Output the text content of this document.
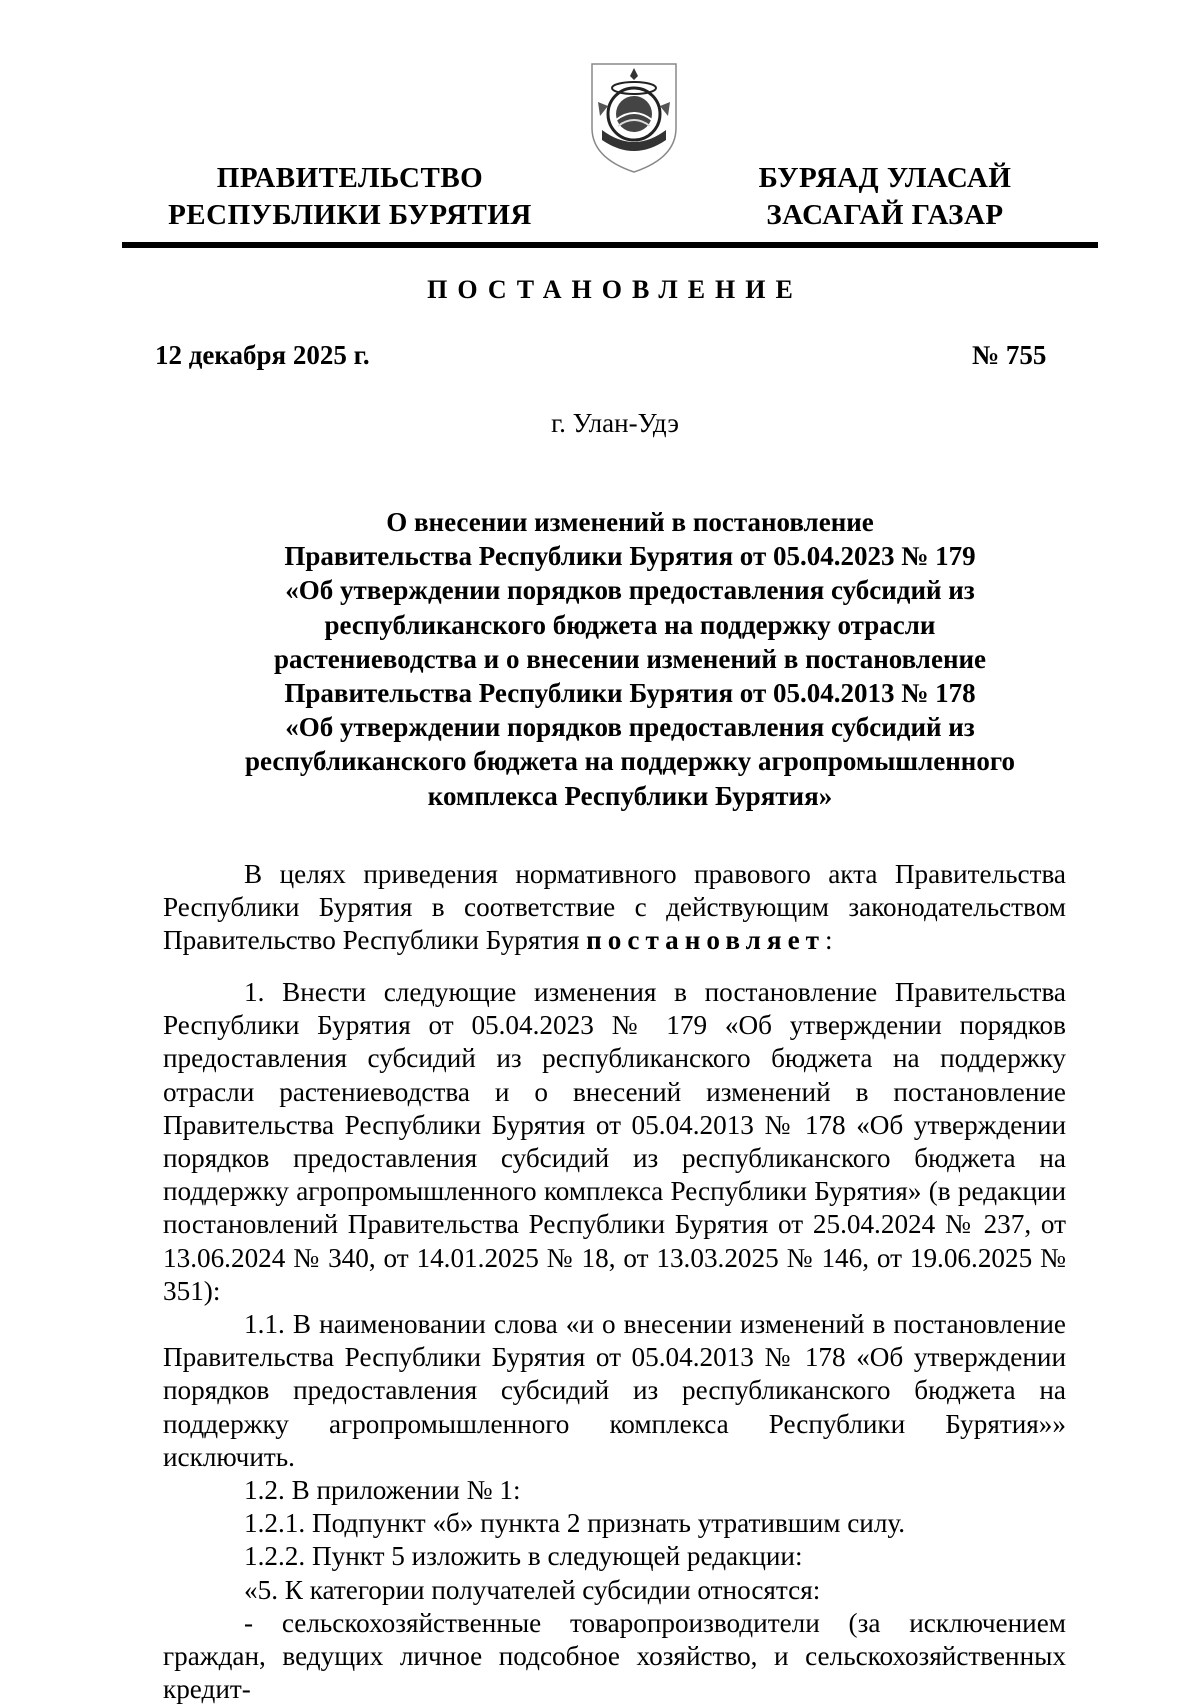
ПРАВИТЕЛЬСТВО
РЕСПУБЛИКИ БУРЯТИЯ
БУРЯАД УЛАСАЙ
ЗАСАГАЙ ГАЗАР
ПОСТАНОВЛЕНИЕ
12 декабря 2025 г.	№ 755
г. Улан-Удэ
О внесении изменений в постановление
Правительства Республики Бурятия от 05.04.2023 № 179
«Об утверждении порядков предоставления субсидий из
республиканского бюджета на поддержку отрасли
растениеводства и о внесении изменений в постановление
Правительства Республики Бурятия от 05.04.2013 № 178
«Об утверждении порядков предоставления субсидий из
республиканского бюджета на поддержку агропромышленного
комплекса Республики Бурятия»

В целях приведения нормативного правового акта Правительства Республики Бурятия в соответствие с действующим законодательством Правительство Республики Бурятия постановляет:

1. Внести следующие изменения в постановление Правительства Республики Бурятия от 05.04.2023 № 179 «Об утверждении порядков предоставления субсидий из республиканского бюджета на поддержку отрасли растениеводства и о внесений изменений в постановление Правительства Республики Бурятия от 05.04.2013 № 178 «Об утверждении порядков предоставления субсидий из республиканского бюджета на поддержку агропромышленного комплекса Республики Бурятия» (в редакции постановлений Правительства Республики Бурятия от 25.04.2024 № 237, от 13.06.2024 № 340, от 14.01.2025 № 18, от 13.03.2025 № 146, от 19.06.2025 № 351):

1.1. В наименовании слова «и о внесении изменений в постановление Правительства Республики Бурятия от 05.04.2013 № 178 «Об утверждении порядков предоставления субсидий из республиканского бюджета на поддержку агропромышленного комплекса Республики Бурятия»» исключить.

1.2. В приложении № 1:

1.2.1. Подпункт «б» пункта 2 признать утратившим силу.

1.2.2. Пункт 5 изложить в следующей редакции:

«5. К категории получателей субсидии относятся:

- сельскохозяйственные товаропроизводители (за исключением граждан, ведущих личное подсобное хозяйство, и сельскохозяйственных кредит-
